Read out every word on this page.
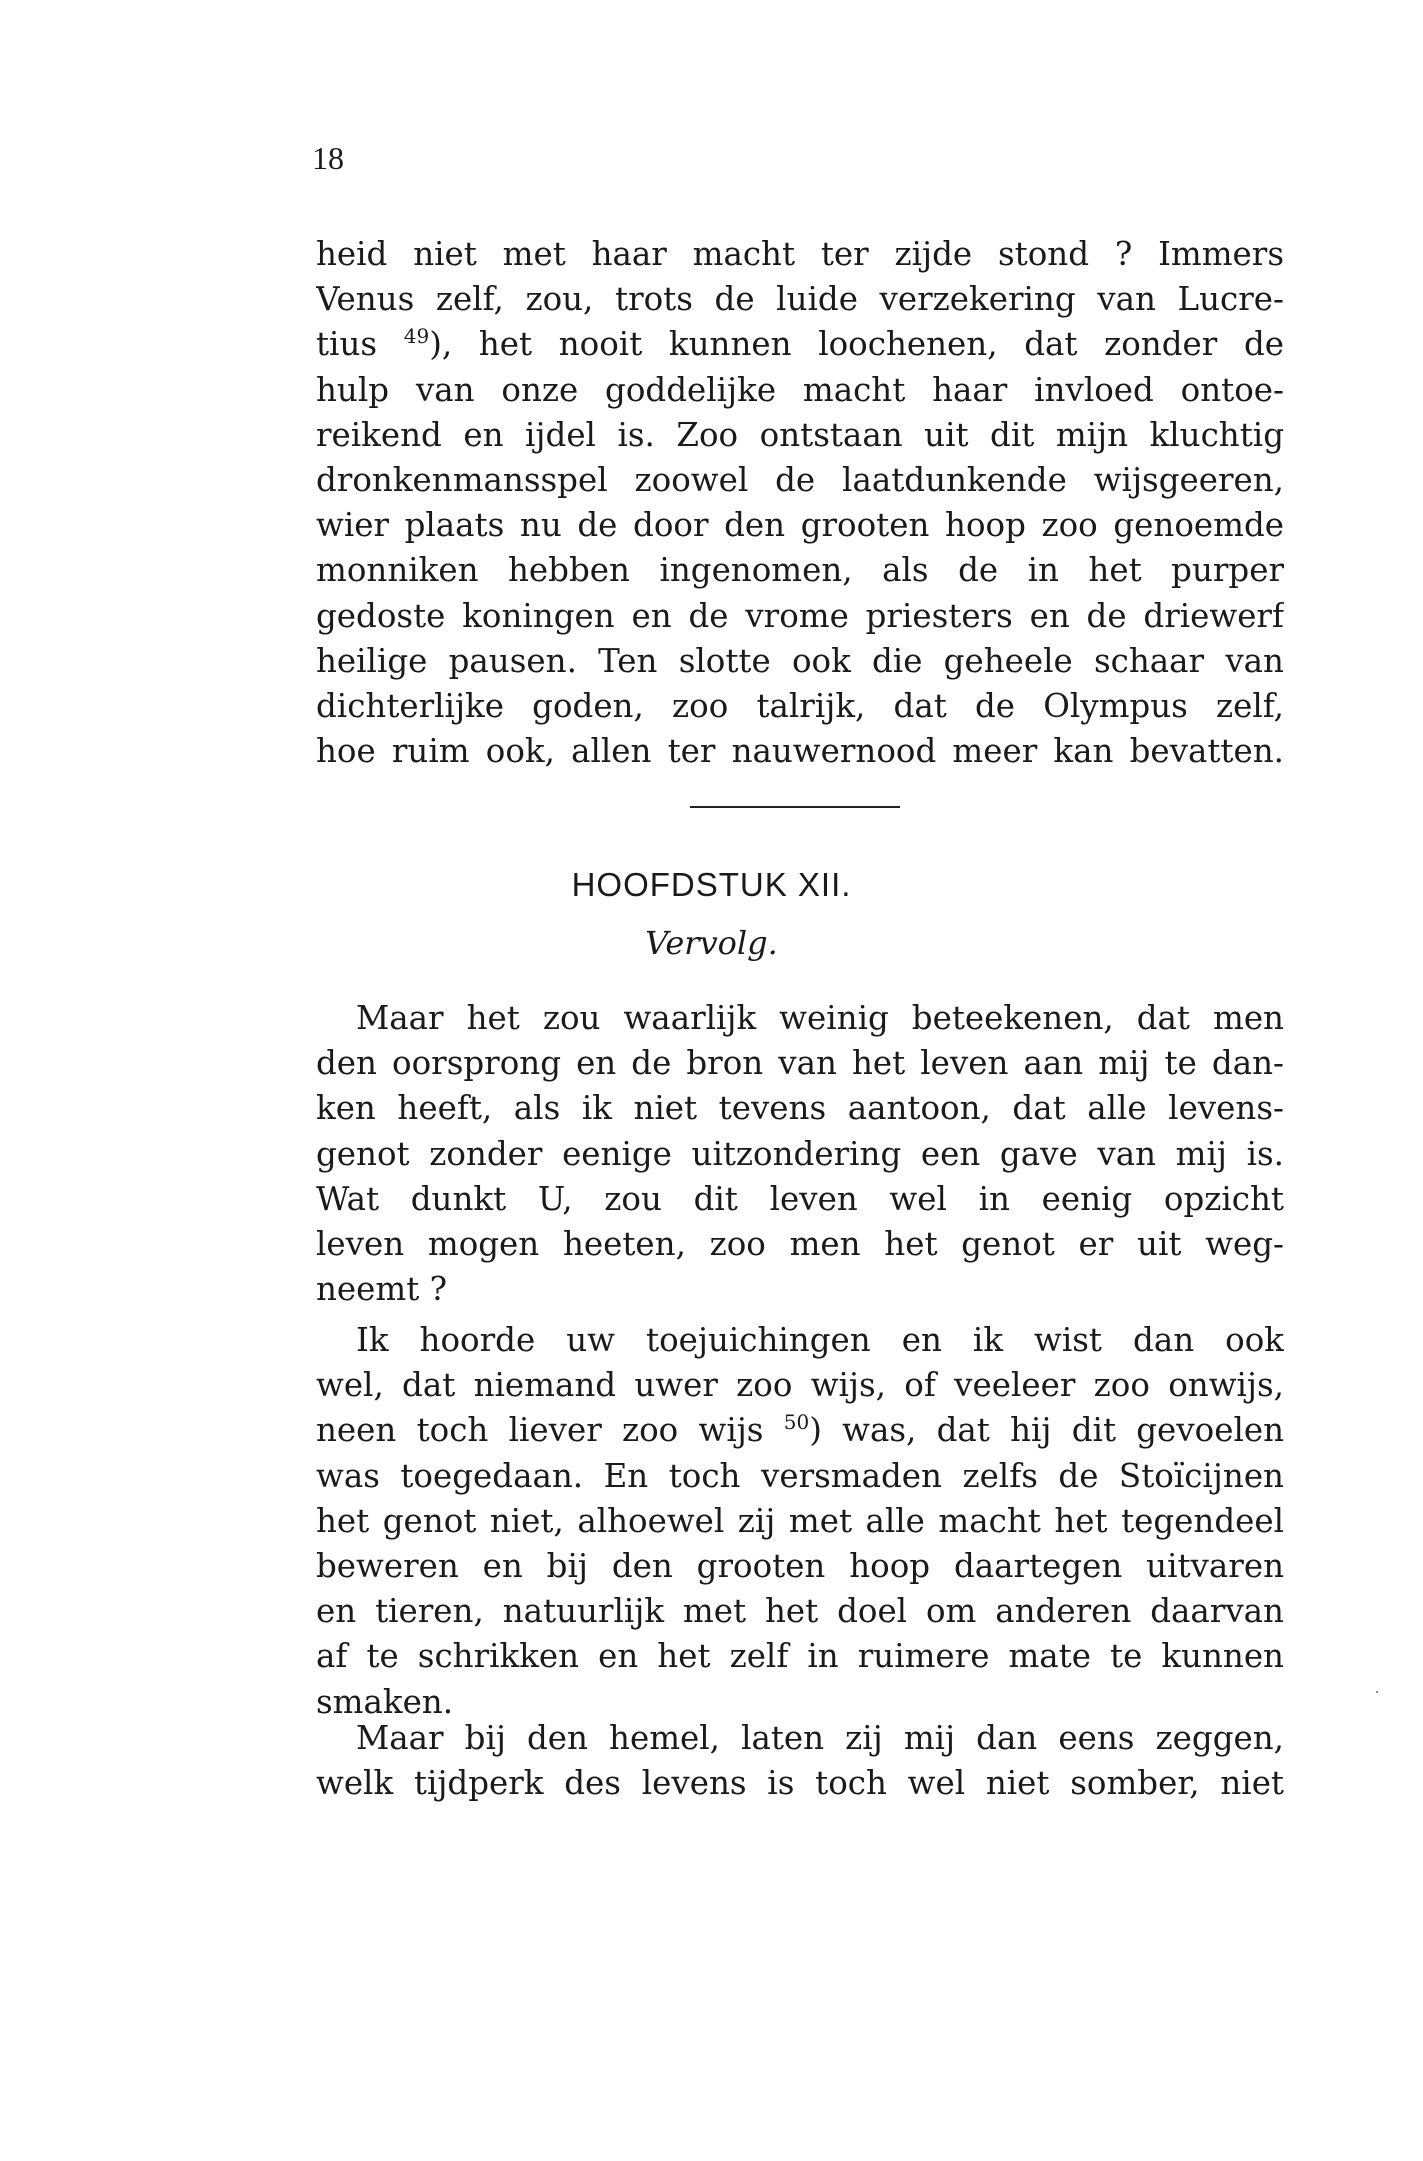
18
heid niet met haar macht ter zijde stond ? Immers
Venus zelf, zou, trots de luide verzekering van Lucre-
tius $^{49}$), het nooit kunnen loochenen, dat zonder de
hulp van onze goddelijke macht haar invloed ontoe-
reikend en ijdel is. Zoo ontstaan uit dit mijn kluchtig
dronkenmansspel zoowel de laatdunkende wijsgeeren,
wier plaats nu de door den grooten hoop zoo genoemde
monniken hebben ingenomen, als de in het purper
gedoste koningen en de vrome priesters en de driewerf
heilige pausen. Ten slotte ook die geheele schaar van
dichterlijke goden, zoo talrijk, dat de Olympus zelf,
hoe ruim ook, allen ter nauwernood meer kan bevatten.
HOOFDSTUK XII.
Vervolg.
Maar het zou waarlijk weinig beteekenen, dat men
den oorsprong en de bron van het leven aan mij te dan-
ken heeft, als ik niet tevens aantoon, dat alle levens-
genot zonder eenige uitzondering een gave van mij is.
Wat dunkt U, zou dit leven wel in eenig opzicht
leven mogen heeten, zoo men het genot er uit weg-
neemt ?
Ik hoorde uw toejuichingen en ik wist dan ook
wel, dat niemand uwer zoo wijs, of veeleer zoo onwijs,
neen toch liever zoo wijs $^{50}$) was, dat hij dit gevoelen
was toegedaan. En toch versmaden zelfs de Stoïcijnen
het genot niet, alhoewel zij met alle macht het tegendeel
beweren en bij den grooten hoop daartegen uitvaren
en tieren, natuurlijk met het doel om anderen daarvan
af te schrikken en het zelf in ruimere mate te kunnen
smaken.
Maar bij den hemel, laten zij mij dan eens zeggen,
welk tijdperk des levens is toch wel niet somber, niet
